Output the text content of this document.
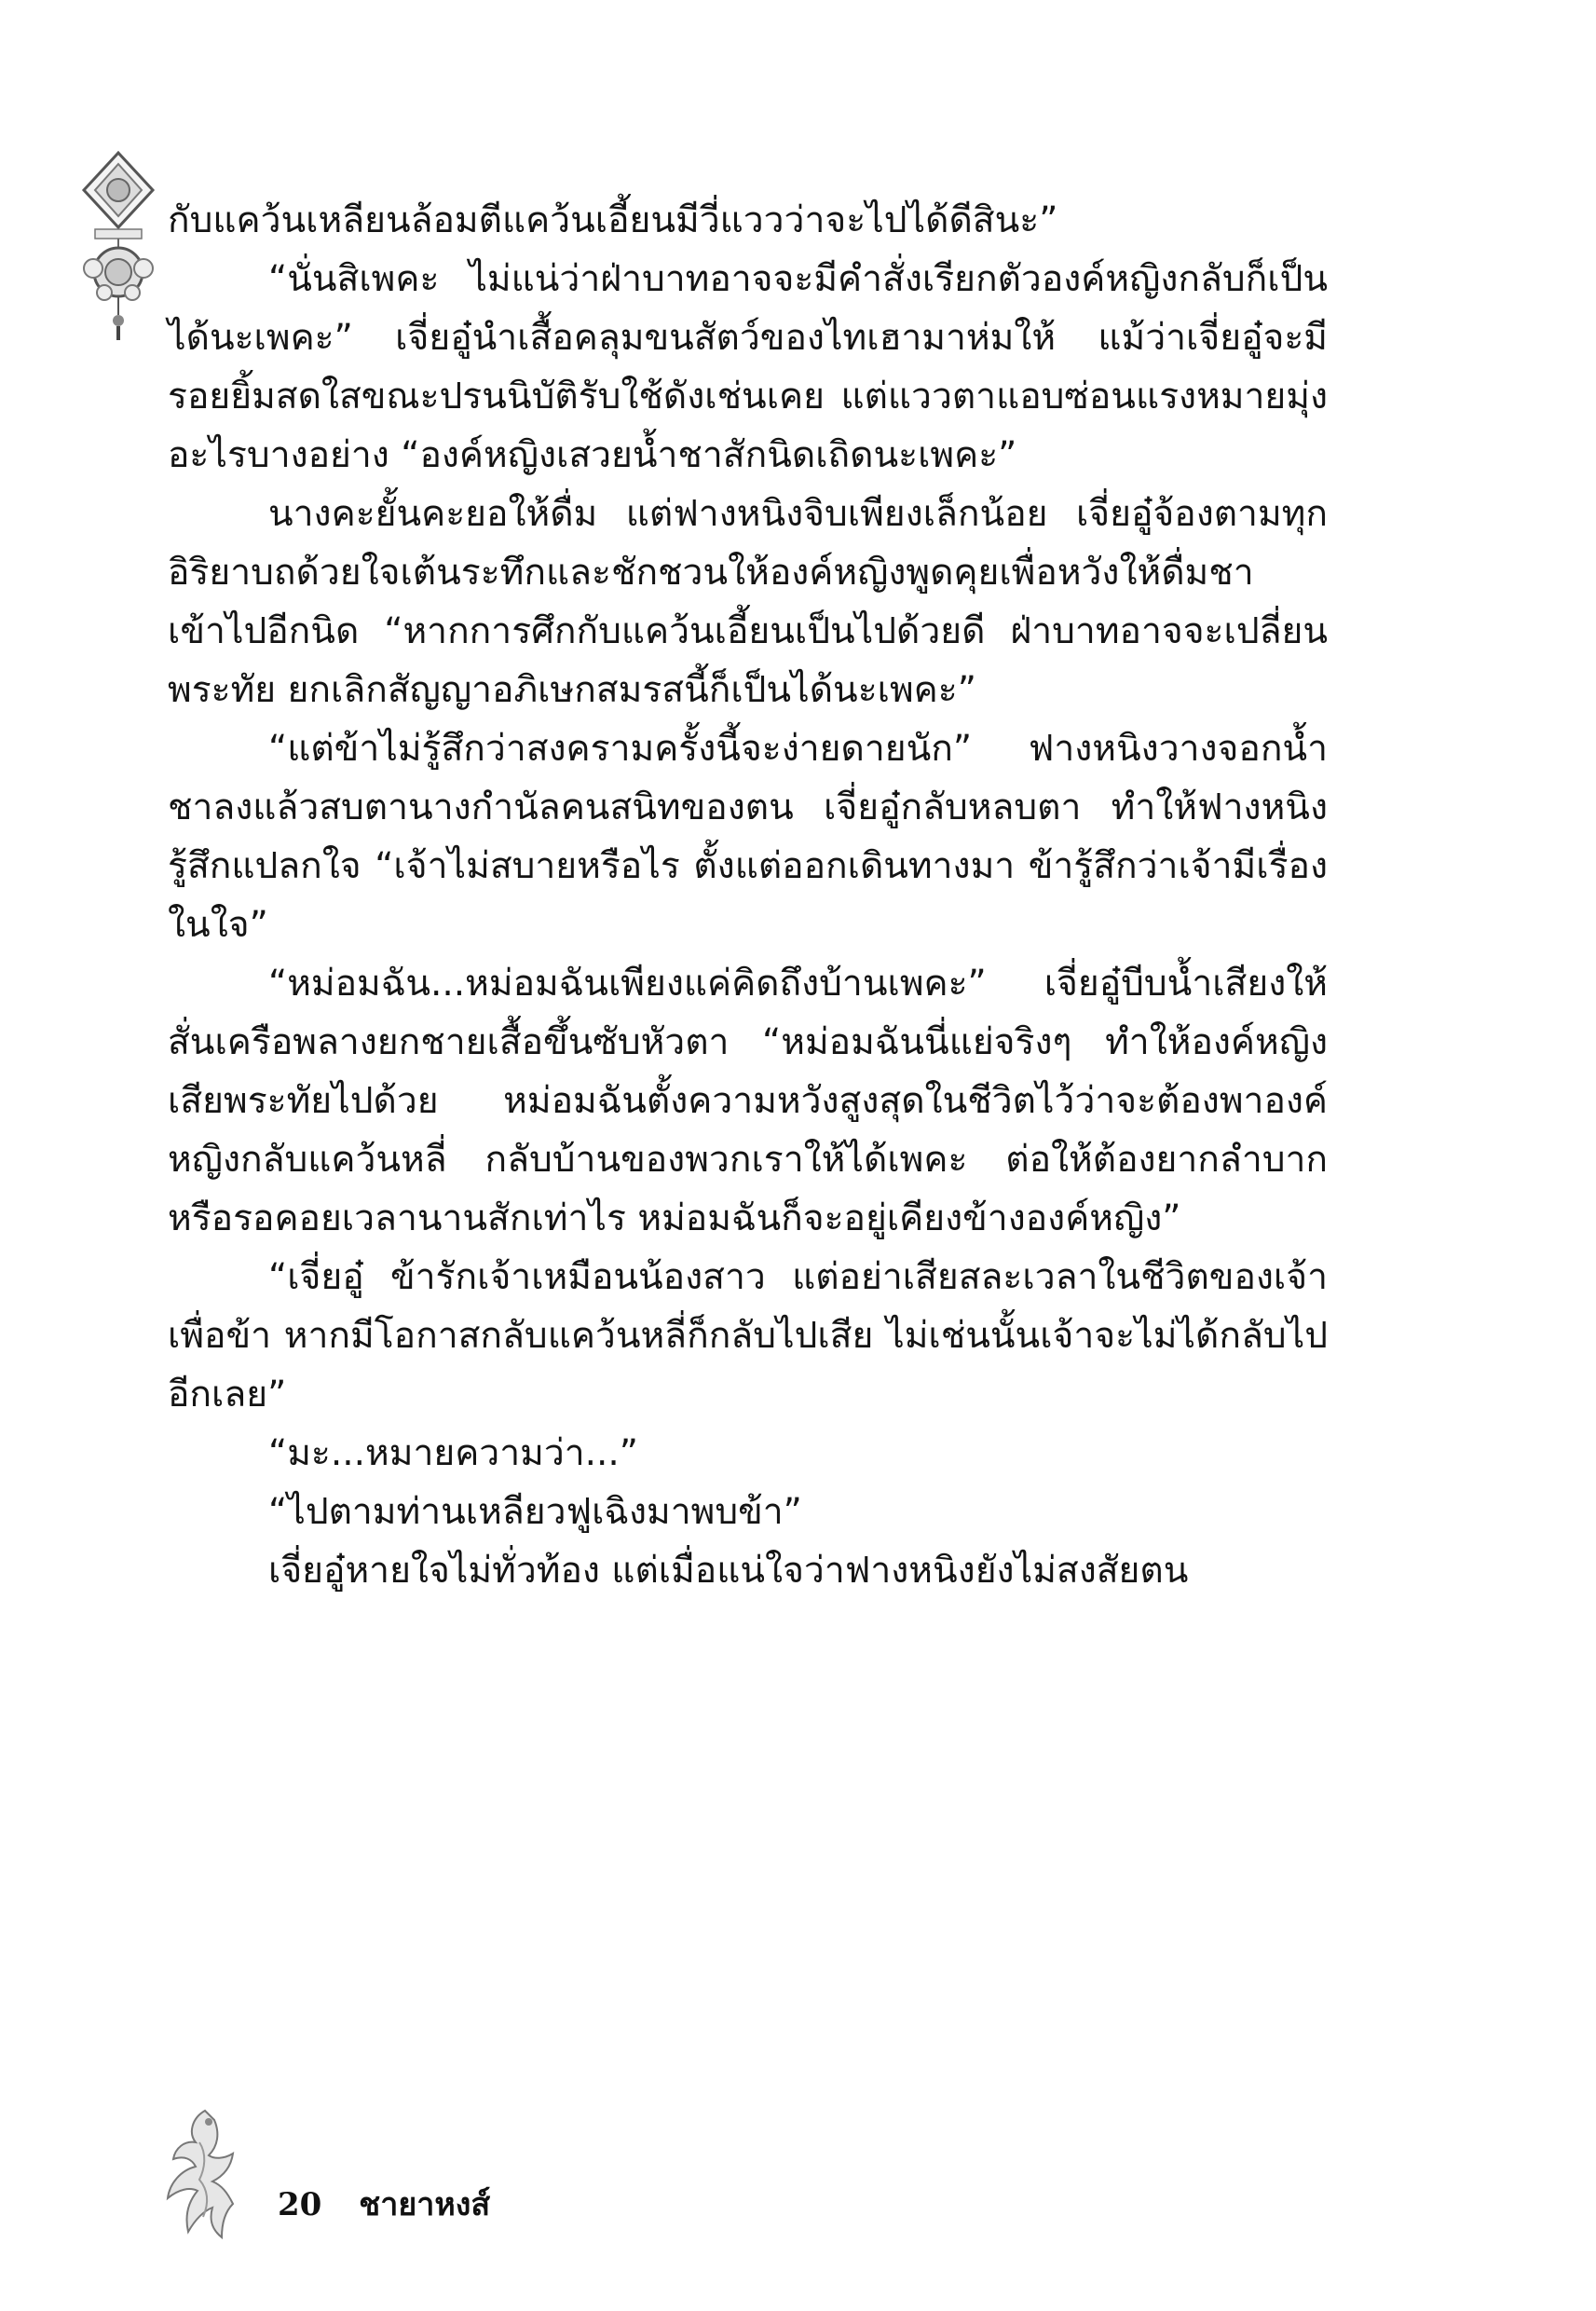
กับแคว้นเหลียนล้อมตีแคว้นเอี้ยนมีวี่แววว่าจะไปได้ดีสินะ”

“นั่นสิเพคะ ไม่แน่ว่าฝ่าบาทอาจจะมีคำสั่งเรียกตัวองค์หญิงกลับก็เป็นได้นะเพคะ” เจี่ยอู๋นำเสื้อคลุมขนสัตว์ของไทเฮามาห่มให้ แม้ว่าเจี่ยอู๋จะมีรอยยิ้มสดใสขณะปรนนิบัติรับใช้ดังเช่นเคย แต่แววตาแอบซ่อนแรงหมายมุ่งอะไรบางอย่าง “องค์หญิงเสวยน้ำชาสักนิดเถิดนะเพคะ”

นางคะยั้นคะยอให้ดื่ม แต่ฟางหนิงจิบเพียงเล็กน้อย เจี่ยอู๋จ้องตามทุกอิริยาบถด้วยใจเต้นระทึกและชักชวนให้องค์หญิงพูดคุยเพื่อหวังให้ดื่มชาเข้าไปอีกนิด “หากการศึกกับแคว้นเอี้ยนเป็นไปด้วยดี ฝ่าบาทอาจจะเปลี่ยนพระทัย ยกเลิกสัญญาอภิเษกสมรสนี้ก็เป็นได้นะเพคะ”

“แต่ข้าไม่รู้สึกว่าสงครามครั้งนี้จะง่ายดายนัก” ฟางหนิงวางจอกน้ำชาลงแล้วสบตานางกำนัลคนสนิทของตน เจี่ยอู๋กลับหลบตา ทำให้ฟางหนิงรู้สึกแปลกใจ “เจ้าไม่สบายหรือไร ตั้งแต่ออกเดินทางมา ข้ารู้สึกว่าเจ้ามีเรื่องในใจ”

“หม่อมฉัน...หม่อมฉันเพียงแค่คิดถึงบ้านเพคะ” เจี่ยอู๋บีบน้ำเสียงให้สั่นเครือพลางยกชายเสื้อขึ้นซับหัวตา “หม่อมฉันนี่แย่จริงๆ ทำให้องค์หญิงเสียพระทัยไปด้วย หม่อมฉันตั้งความหวังสูงสุดในชีวิตไว้ว่าจะต้องพาองค์หญิงกลับแคว้นหลี่ กลับบ้านของพวกเราให้ได้เพคะ ต่อให้ต้องยากลำบากหรือรอคอยเวลานานสักเท่าไร หม่อมฉันก็จะอยู่เคียงข้างองค์หญิง”

“เจี่ยอู๋ ข้ารักเจ้าเหมือนน้องสาว แต่อย่าเสียสละเวลาในชีวิตของเจ้าเพื่อข้า หากมีโอกาสกลับแคว้นหลี่ก็กลับไปเสีย ไม่เช่นนั้นเจ้าจะไม่ได้กลับไปอีกเลย”

“มะ...หมายความว่า...”

“ไปตามท่านเหลียวฟูเฉิงมาพบข้า”

เจี่ยอู๋หายใจไม่ทั่วท้อง แต่เมื่อแน่ใจว่าฟางหนิงยังไม่สงสัยตน

20 ชายาหงส์
